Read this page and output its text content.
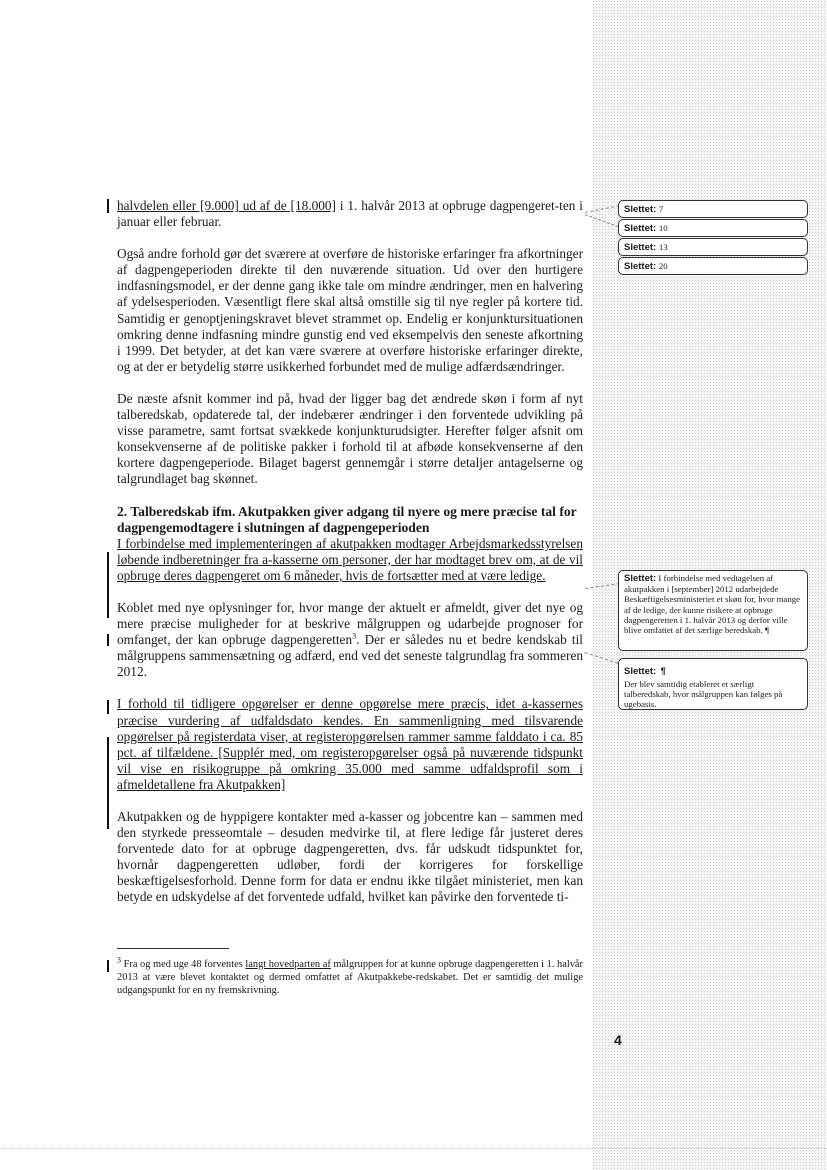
halvdelen eller [9.000] ud af de [18.000] i 1. halvår 2013 at opbruge dagpengeret-ten i januar eller februar.

Også andre forhold gør det sværere at overføre de historiske erfaringer fra afkortninger af dagpengeperioden direkte til den nuværende situation. Ud over den hurtigere indfasningsmodel, er der denne gang ikke tale om mindre ændringer, men en halvering af ydelsesperioden. Væsentligt flere skal altså omstille sig til nye regler på kortere tid. Samtidig er genoptjeningskravet blevet strammet op. Endelig er konjunktursituationen omkring denne indfasning mindre gunstig end ved eksempelvis den seneste afkortning i 1999. Det betyder, at det kan være sværere at overføre historiske erfaringer direkte, og at der er betydelig større usikkerhed forbundet med de mulige adfærdsændringer.

De næste afsnit kommer ind på, hvad der ligger bag det ændrede skøn i form af nyt talberedskab, opdaterede tal, der indebærer ændringer i den forventede udvikling på visse parametre, samt fortsat svækkede konjunkturudsigter. Herefter følger afsnit om konsekvenserne af de politiske pakker i forhold til at afbøde konsekvenserne af den kortere dagpengeperiode. Bilaget bagerst gennemgår i større detaljer antagelserne og talgrundlaget bag skønnet.

2. Talberedskab ifm. Akutpakken giver adgang til nyere og mere præcise tal for dagpengemodtagere i slutningen af dagpengeperioden

I forbindelse med implementeringen af akutpakken modtager Arbejdsmarkedsstyrelsen løbende indberetninger fra a-kasserne om personer, der har modtaget brev om, at de vil opbruge deres dagpengeret om 6 måneder, hvis de fortsætter med at være ledige.

Koblet med nye oplysninger for, hvor mange der aktuelt er afmeldt, giver det nye og mere præcise muligheder for at beskrive målgruppen og udarbejde prognoser for omfanget, der kan opbruge dagpengeretten$^3$. Der er således nu et bedre kendskab til målgruppens sammensætning og adfærd, end ved det seneste talgrundlag fra sommeren 2012.

I forhold til tidligere opgørelser er denne opgørelse mere præcis, idet a-kassernes præcise vurdering af udfaldsdato kendes. En sammenligning med tilsvarende opgørelser på registerdata viser, at registeropgørelsen rammer samme falddato i ca. 85 pct. af tilfældene. [Supplér med, om registeropgørelser også på nuværende tidspunkt vil vise en risikogruppe på omkring 35.000 med samme udfaldsprofil som i afmeldetallene fra Akutpakken]

Akutpakken og de hyppigere kontakter med a-kasser og jobcentre kan – sammen med den styrkede presseomtale – desuden medvirke til, at flere ledige får justeret deres forventede dato for at opbruge dagpengeretten, dvs. får udskudt tidspunktet for, hvornår dagpengeretten udløber, fordi der korrigeres for forskellige beskæftigelsesforhold. Denne form for data er endnu ikke tilgået ministeriet, men kan betyde en udskydelse af det forventede udfald, hvilket kan påvirke den forventede ti-

$^3$ Fra og med uge 48 forventes langt hovedparten af målgruppen for at kunne opbruge dagpengeretten i 1. halvår 2013 at være blevet kontaktet og dermed omfattet af Akutpakkebe-redskabet. Det er samtidig det mulige udgangspunkt for en ny fremskrivning.
Slettet: 7
Slettet: 10
Slettet: 13
Slettet: 20
Slettet: I forbindelse med vedtagelsen af akutpakken i [september] 2012 udarbejdede Beskæftigelsesministeriet et skøn for, hvor mange af de ledige, der kunne risikere at opbruge dagpengeretten i 1. halvår 2013 og derfor ville blive omfattet af det særlige beredskab. ¶
Slettet: ¶
Der blev samtidig etableret et særligt talberedskab, hvor målgruppen kan følges på ugebasis.
4
